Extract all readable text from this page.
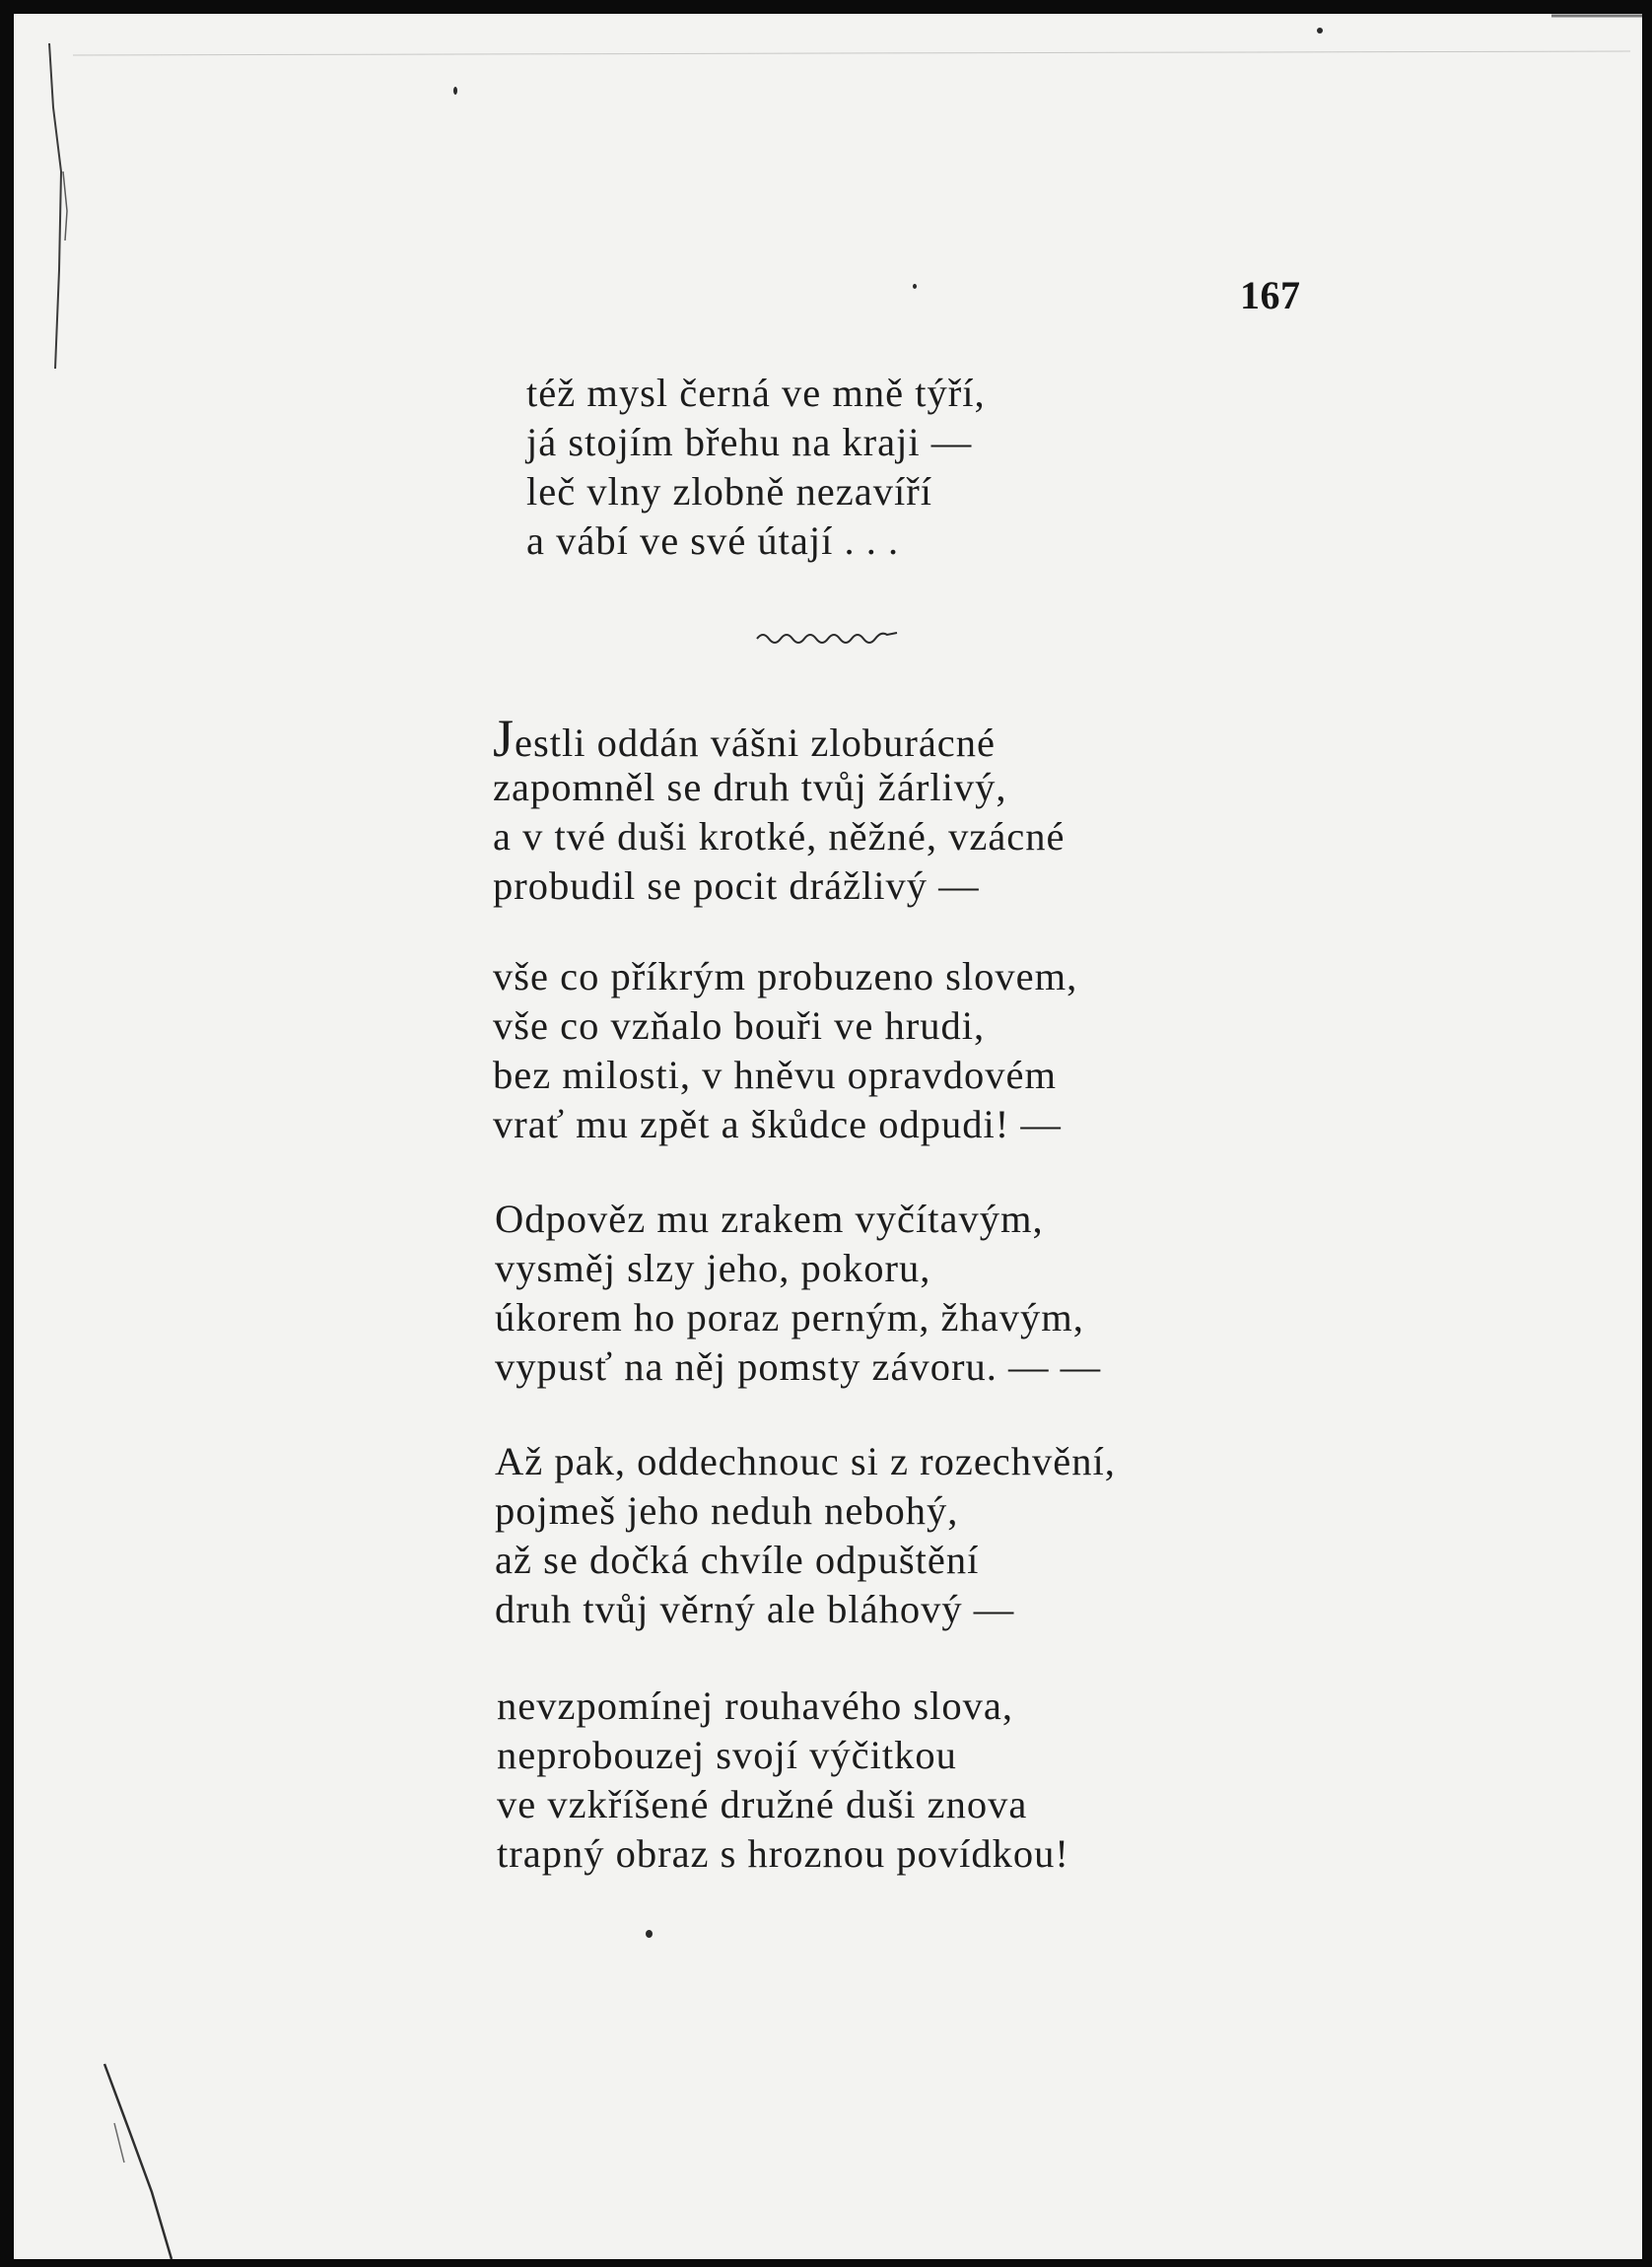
167
též mysl černá ve mně týří,
já stojím břehu na kraji —
leč vlny zlobně nezavíří
a vábí ve své útají . . .
Jestli oddán vášni zloburácné
zapomněl se druh tvůj žárlivý,
a v tvé duši krotké, něžné, vzácné
probudil se pocit drážlivý —
vše co příkrým probuzeno slovem,
vše co vzňalo bouři ve hrudi,
bez milosti, v hněvu opravdovém
vrať mu zpět a škůdce odpudi! —
Odpověz mu zrakem vyčítavým,
vysměj slzy jeho, pokoru,
úkorem ho poraz perným, žhavým,
vypusť na něj pomsty závoru. — —
Až pak, oddechnouc si z rozechvění,
pojmeš jeho neduh nebohý,
až se dočká chvíle odpuštění
druh tvůj věrný ale bláhový —
nevzpomínej rouhavého slova,
neprobouzej svojí výčitkou
ve vzkříšené družné duši znova
trapný obraz s hroznou povídkou!
